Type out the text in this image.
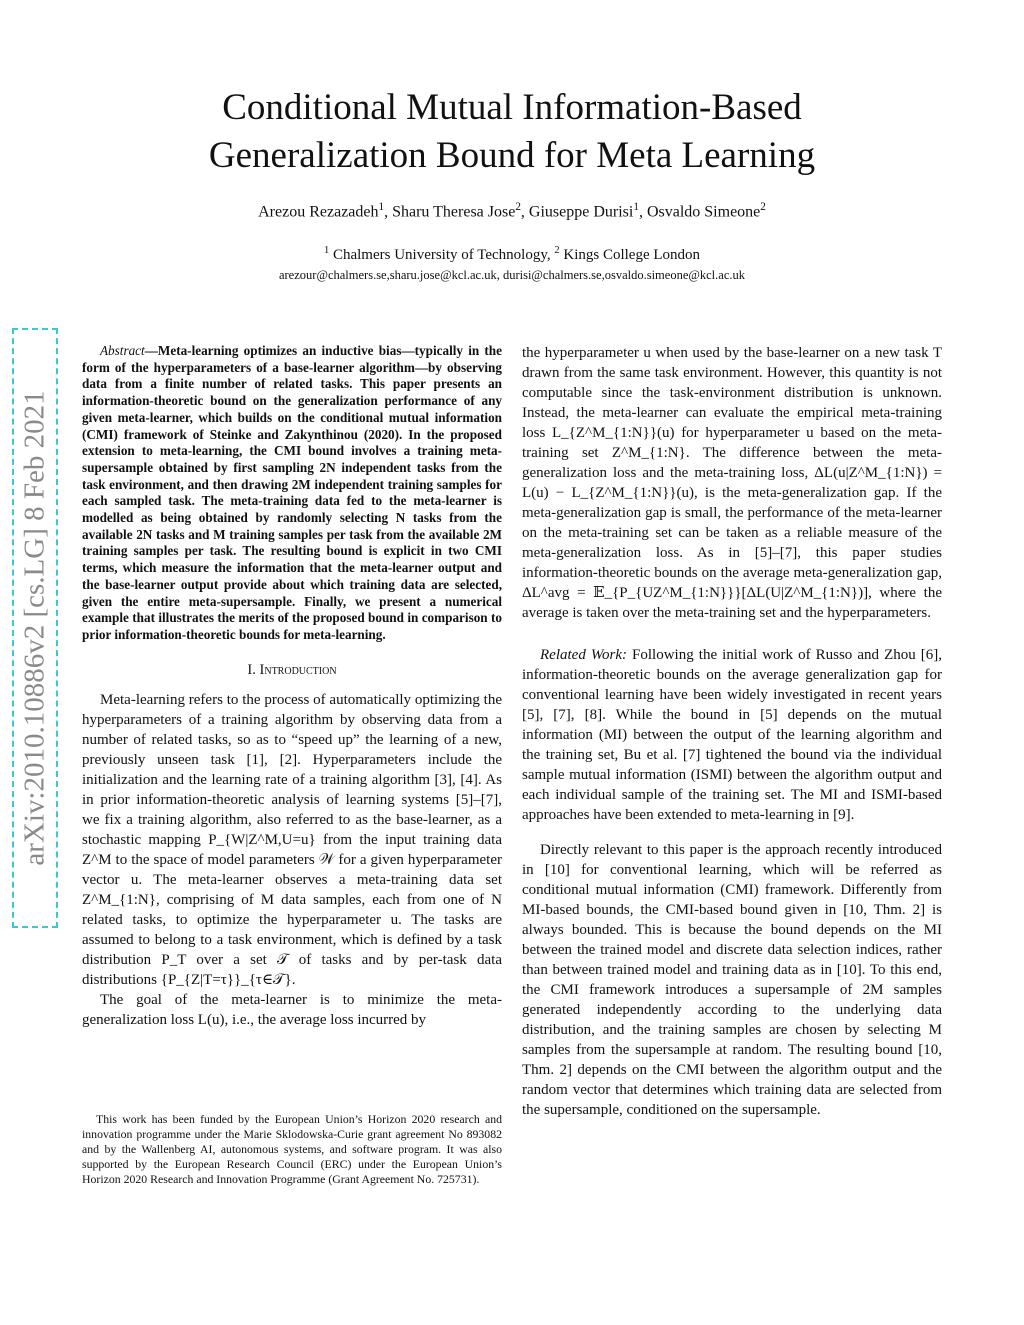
Conditional Mutual Information-Based
Generalization Bound for Meta Learning
Arezou Rezazadeh$^1$, Sharu Theresa Jose$^2$, Giuseppe Durisi$^1$, Osvaldo Simeone$^2$
$^1$ Chalmers University of Technology, $^2$ Kings College London
arezour@chalmers.se,sharu.jose@kcl.ac.uk, durisi@chalmers.se,osvaldo.simeone@kcl.ac.uk
arXiv:2010.10886v2 [cs.LG] 8 Feb 2021

Abstract—Meta-learning optimizes an inductive bias—typically in the form of the hyperparameters of a base-learner algorithm—by observing data from a finite number of related tasks. This paper presents an information-theoretic bound on the generalization performance of any given meta-learner, which builds on the conditional mutual information (CMI) framework of Steinke and Zakynthinou (2020). In the proposed extension to meta-learning, the CMI bound involves a training meta-supersample obtained by first sampling 2N independent tasks from the task environment, and then drawing 2M independent training samples for each sampled task. The meta-training data fed to the meta-learner is modelled as being obtained by randomly selecting N tasks from the available 2N tasks and M training samples per task from the available 2M training samples per task. The resulting bound is explicit in two CMI terms, which measure the information that the meta-learner output and the base-learner output provide about which training data are selected, given the entire meta-supersample. Finally, we present a numerical example that illustrates the merits of the proposed bound in comparison to prior information-theoretic bounds for meta-learning.

I. Introduction

Meta-learning refers to the process of automatically optimizing the hyperparameters of a training algorithm by observing data from a number of related tasks, so as to “speed up” the learning of a new, previously unseen task [1], [2]. Hyperparameters include the initialization and the learning rate of a training algorithm [3], [4]. As in prior information-theoretic analysis of learning systems [5]–[7], we fix a training algorithm, also referred to as the base-learner, as a stochastic mapping P_{W|Z^M,U=u} from the input training data Z^M to the space of model parameters 𝒲 for a given hyperparameter vector u. The meta-learner observes a meta-training data set Z^M_{1:N}, comprising of M data samples, each from one of N related tasks, to optimize the hyperparameter u. The tasks are assumed to belong to a task environment, which is defined by a task distribution P_T over a set 𝒯 of tasks and by per-task data distributions {P_{Z|T=τ}}_{τ∈𝒯}.

The goal of the meta-learner is to minimize the meta-generalization loss L(u), i.e., the average loss incurred by

This work has been funded by the European Union’s Horizon 2020 research and innovation programme under the Marie Sklodowska-Curie grant agreement No 893082 and by the Wallenberg AI, autonomous systems, and software program. It was also supported by the European Research Council (ERC) under the European Union’s Horizon 2020 Research and Innovation Programme (Grant Agreement No. 725731).

the hyperparameter u when used by the base-learner on a new task T drawn from the same task environment. However, this quantity is not computable since the task-environment distribution is unknown. Instead, the meta-learner can evaluate the empirical meta-training loss L_{Z^M_{1:N}}(u) for hyperparameter u based on the meta-training set Z^M_{1:N}. The difference between the meta-generalization loss and the meta-training loss, ΔL(u|Z^M_{1:N}) = L(u) − L_{Z^M_{1:N}}(u), is the meta-generalization gap. If the meta-generalization gap is small, the performance of the meta-learner on the meta-training set can be taken as a reliable measure of the meta-generalization loss. As in [5]–[7], this paper studies information-theoretic bounds on the average meta-generalization gap, ΔL^avg = 𝔼_{P_{UZ^M_{1:N}}}[ΔL(U|Z^M_{1:N})], where the average is taken over the meta-training set and the hyperparameters.

Related Work: Following the initial work of Russo and Zhou [6], information-theoretic bounds on the average generalization gap for conventional learning have been widely investigated in recent years [5], [7], [8]. While the bound in [5] depends on the mutual information (MI) between the output of the learning algorithm and the training set, Bu et al. [7] tightened the bound via the individual sample mutual information (ISMI) between the algorithm output and each individual sample of the training set. The MI and ISMI-based approaches have been extended to meta-learning in [9].

Directly relevant to this paper is the approach recently introduced in [10] for conventional learning, which will be referred as conditional mutual information (CMI) framework. Differently from MI-based bounds, the CMI-based bound given in [10, Thm. 2] is always bounded. This is because the bound depends on the MI between the trained model and discrete data selection indices, rather than between trained model and training data as in [10]. To this end, the CMI framework introduces a supersample of 2M samples generated independently according to the underlying data distribution, and the training samples are chosen by selecting M samples from the supersample at random. The resulting bound [10, Thm. 2] depends on the CMI between the algorithm output and the random vector that determines which training data are selected from the supersample, conditioned on the supersample.
